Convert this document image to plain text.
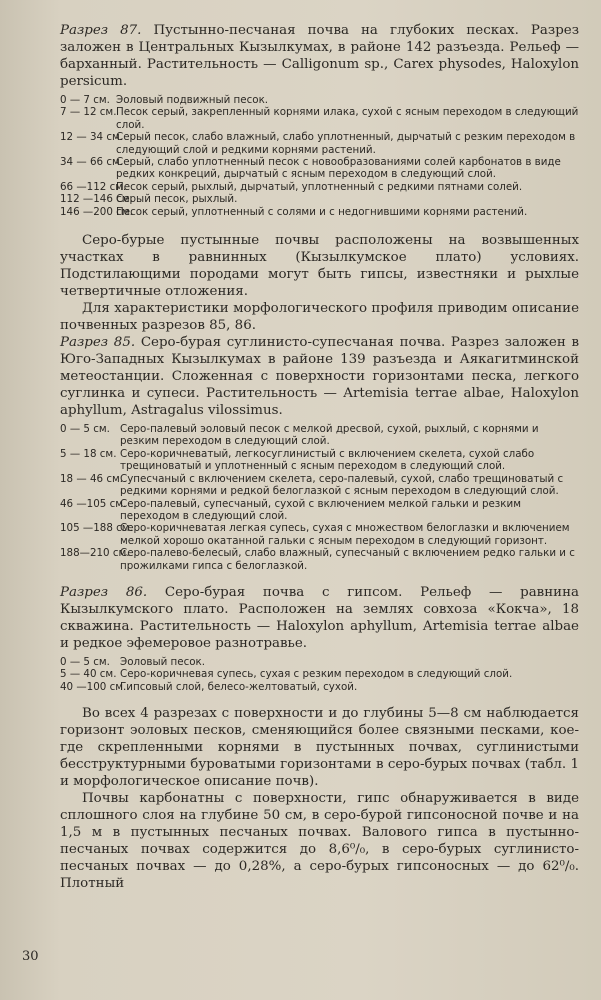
Разрез 87. Пустынно-песчаная почва на глубоких песках. Разрез заложен в Центральных Кызылкумах, в районе 142 разъезда. Рельеф — барханный. Растительность — Calligonum sp., Carex physodes, Haloxylon persicum.

0 — 7 см. Эоловый подвижный песок.
7 — 12 см. Песок серый, закрепленный корнями илака, сухой с ясным переходом в следующий слой.
12 — 34 см.
Серый песок, слабо влажный, слабо уплотненный, дырчатый с резким переходом в следующий слой и редкими корнями растений.
34 — 66 см.
Серый, слабо уплотненный песок с новообразованиями солей карбонатов в виде редких конкреций, дырчатый с ясным переходом в следующий слой.
66 —112 см.
Песок серый, рыхлый, дырчатый, уплотненный с редкими пятнами солей.
112 —146 см.
Серый песок, рыхлый.
146 —200 см.
Песок серый, уплотненный с солями и с недогнившими корнями растений.

Серо-бурые пустынные почвы расположены на возвышенных участках в равнинных (Кызылкумское плато) условиях. Подстилающими породами могут быть гипсы, известняки и рыхлые четвертичные отложения.

Для характеристики морфологического профиля приводим описание почвенных разрезов 85, 86.

Разрез 85. Серо-бурая суглинисто-супесчаная почва. Разрез заложен в Юго-Западных Кызылкумах в районе 139 разъезда и Аякагитминской метеостанции. Сложенная с поверхности горизонтами песка, легкого суглинка и супеси. Растительность — Artemisia terrae albae, Haloxylon aphyllum, Astragalus vilossimus.

0 — 5 см. Серо-палевый эоловый песок с мелкой дресвой, сухой, рыхлый, с корнями и резким переходом в следующий слой.
5 — 18 см. Серо-коричневатый, легкосуглинистый с включением скелета, сухой слабо трещиноватый и уплотненный с ясным переходом в следующий слой.
18 — 46 см.
Супесчаный с включением скелета, серо-палевый, сухой, слабо трещиноватый с редкими корнями и редкой белоглазкой с ясным переходом в следующий слой.
46 —105 см.
Серо-палевый, супесчаный, сухой с включением мелкой гальки и резким переходом в следующий слой.
105 —188 см.
Серо-коричневатая легкая супесь, сухая с множеством белоглазки и включением мелкой хорошо окатанной гальки с ясным переходом в следующий горизонт.
188—210 см.
Серо-палево-белесый, слабо влажный, супесчаный с включением редко гальки и с прожилками гипса с белоглазкой.

Разрез 86. Серо-бурая почва с гипсом. Рельеф — равнина Кызылкумского плато. Расположен на землях совхоза «Кокча», 18 скважина. Растительность — Haloxylon aphyllum, Artemisia terrae albae и редкое эфемеровое разнотравье.

0 — 5 см. Эоловый песок.
5 — 40 см. Серо-коричневая супесь, сухая с резким переходом в следующий слой.
40 —100 см.
Гипсовый слой, белесо-желтоватый, сухой.

Во всех 4 разрезах с поверхности и до глубины 5—8 см наблюдается горизонт эоловых песков, сменяющийся более связными песками, кое-где скрепленными корнями в пустынных почвах, суглинистыми бесструктурными буроватыми горизонтами в серо-бурых почвах (табл. 1 и морфологическое описание почв).

Почвы карбонатны с поверхности, гипс обнаруживается в виде сплошного слоя на глубине 50 см, в серо-бурой гипсоносной почве и на 1,5 м в пустынных песчаных почвах. Валового гипса в пустынно-песчаных почвах содержится до 8,6⁰/₀, в серо-бурых суглинисто-песчаных почвах — до 0,28%, а серо-бурых гипсоносных — до 62⁰/₀. Плотный

30
